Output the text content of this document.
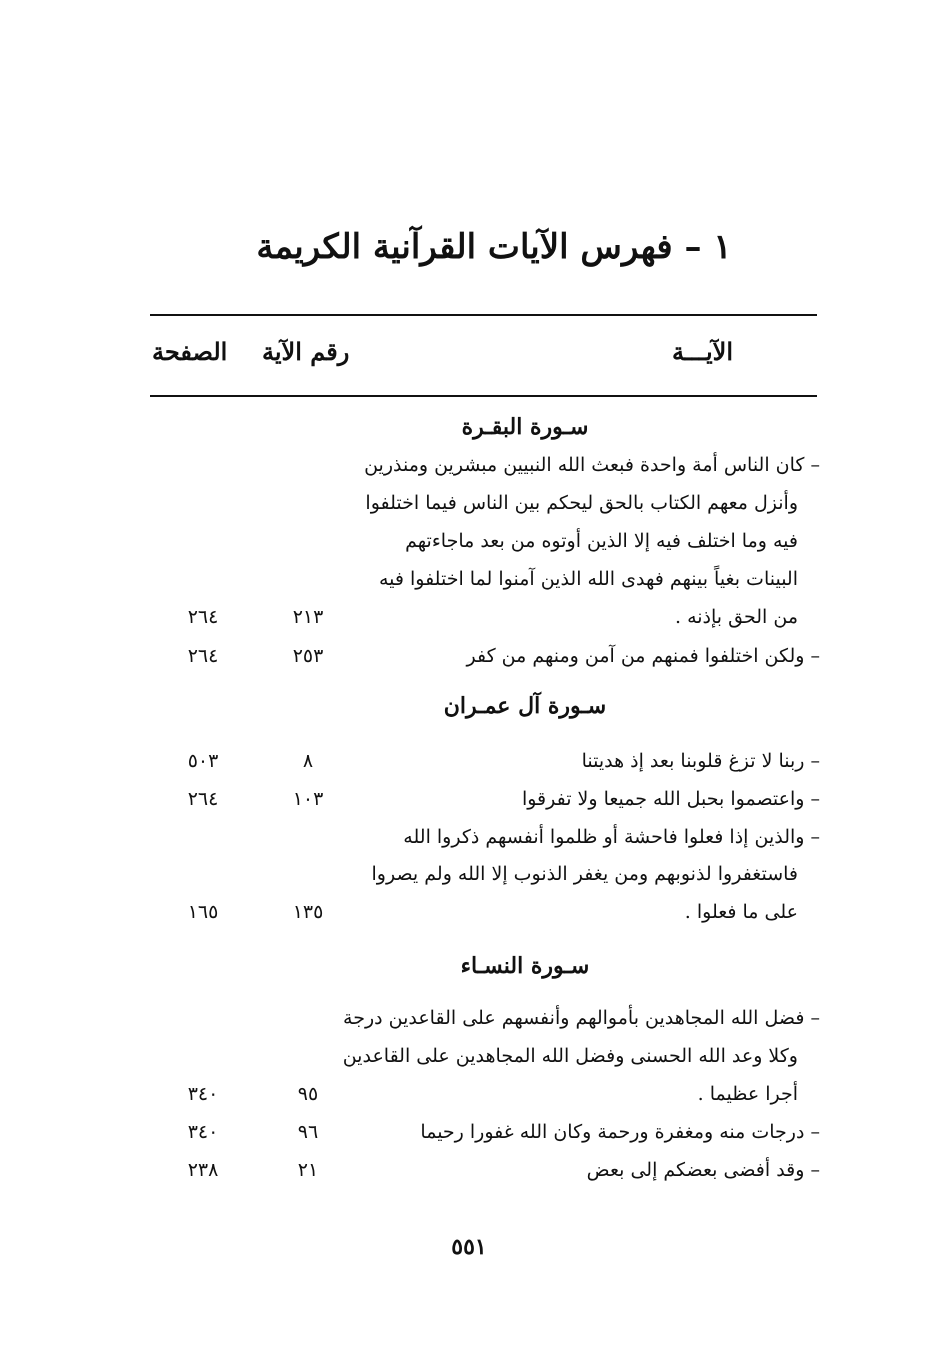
١ – فهرس الآيات القرآنية الكريمة
الآيـــة
رقم الآية
الصفحة
سـورة البقـرة
– كان الناس أمة واحدة فبعث الله النبيين مبشرين ومنذرين
وأنزل معهم الكتاب بالحق ليحكم بين الناس فيما اختلفوا
فيه وما اختلف فيه إلا الذين أوتوه من بعد ماجاءتهم
البينات بغياً بينهم فهدى الله الذين آمنوا لما اختلفوا فيه
من الحق بإذنه .
٢١٣
٢٦٤
– ولكن اختلفوا فمنهم من آمن ومنهم من كفر
٢٥٣
٢٦٤
سـورة آل عمـران
– ربنا لا تزغ قلوبنا بعد إذ هديتنا
٨
٥٠٣
– واعتصموا بحبل الله جميعا ولا تفرقوا
١٠٣
٢٦٤
– والذين إذا فعلوا فاحشة أو ظلموا أنفسهم ذكروا الله
فاستغفروا لذنوبهم ومن يغفر الذنوب إلا الله ولم يصروا
على ما فعلوا .
١٣٥
١٦٥
سـورة النسـاء
– فضل الله المجاهدين بأموالهم وأنفسهم على القاعدين درجة
وكلا وعد الله الحسنى وفضل الله المجاهدين على القاعدين
أجرا عظيما .
٩٥
٣٤٠
– درجات منه ومغفرة ورحمة وكان الله غفورا رحيما
٩٦
٣٤٠
– وقد أفضى بعضكم إلى بعض
٢١
٢٣٨
٥٥١
